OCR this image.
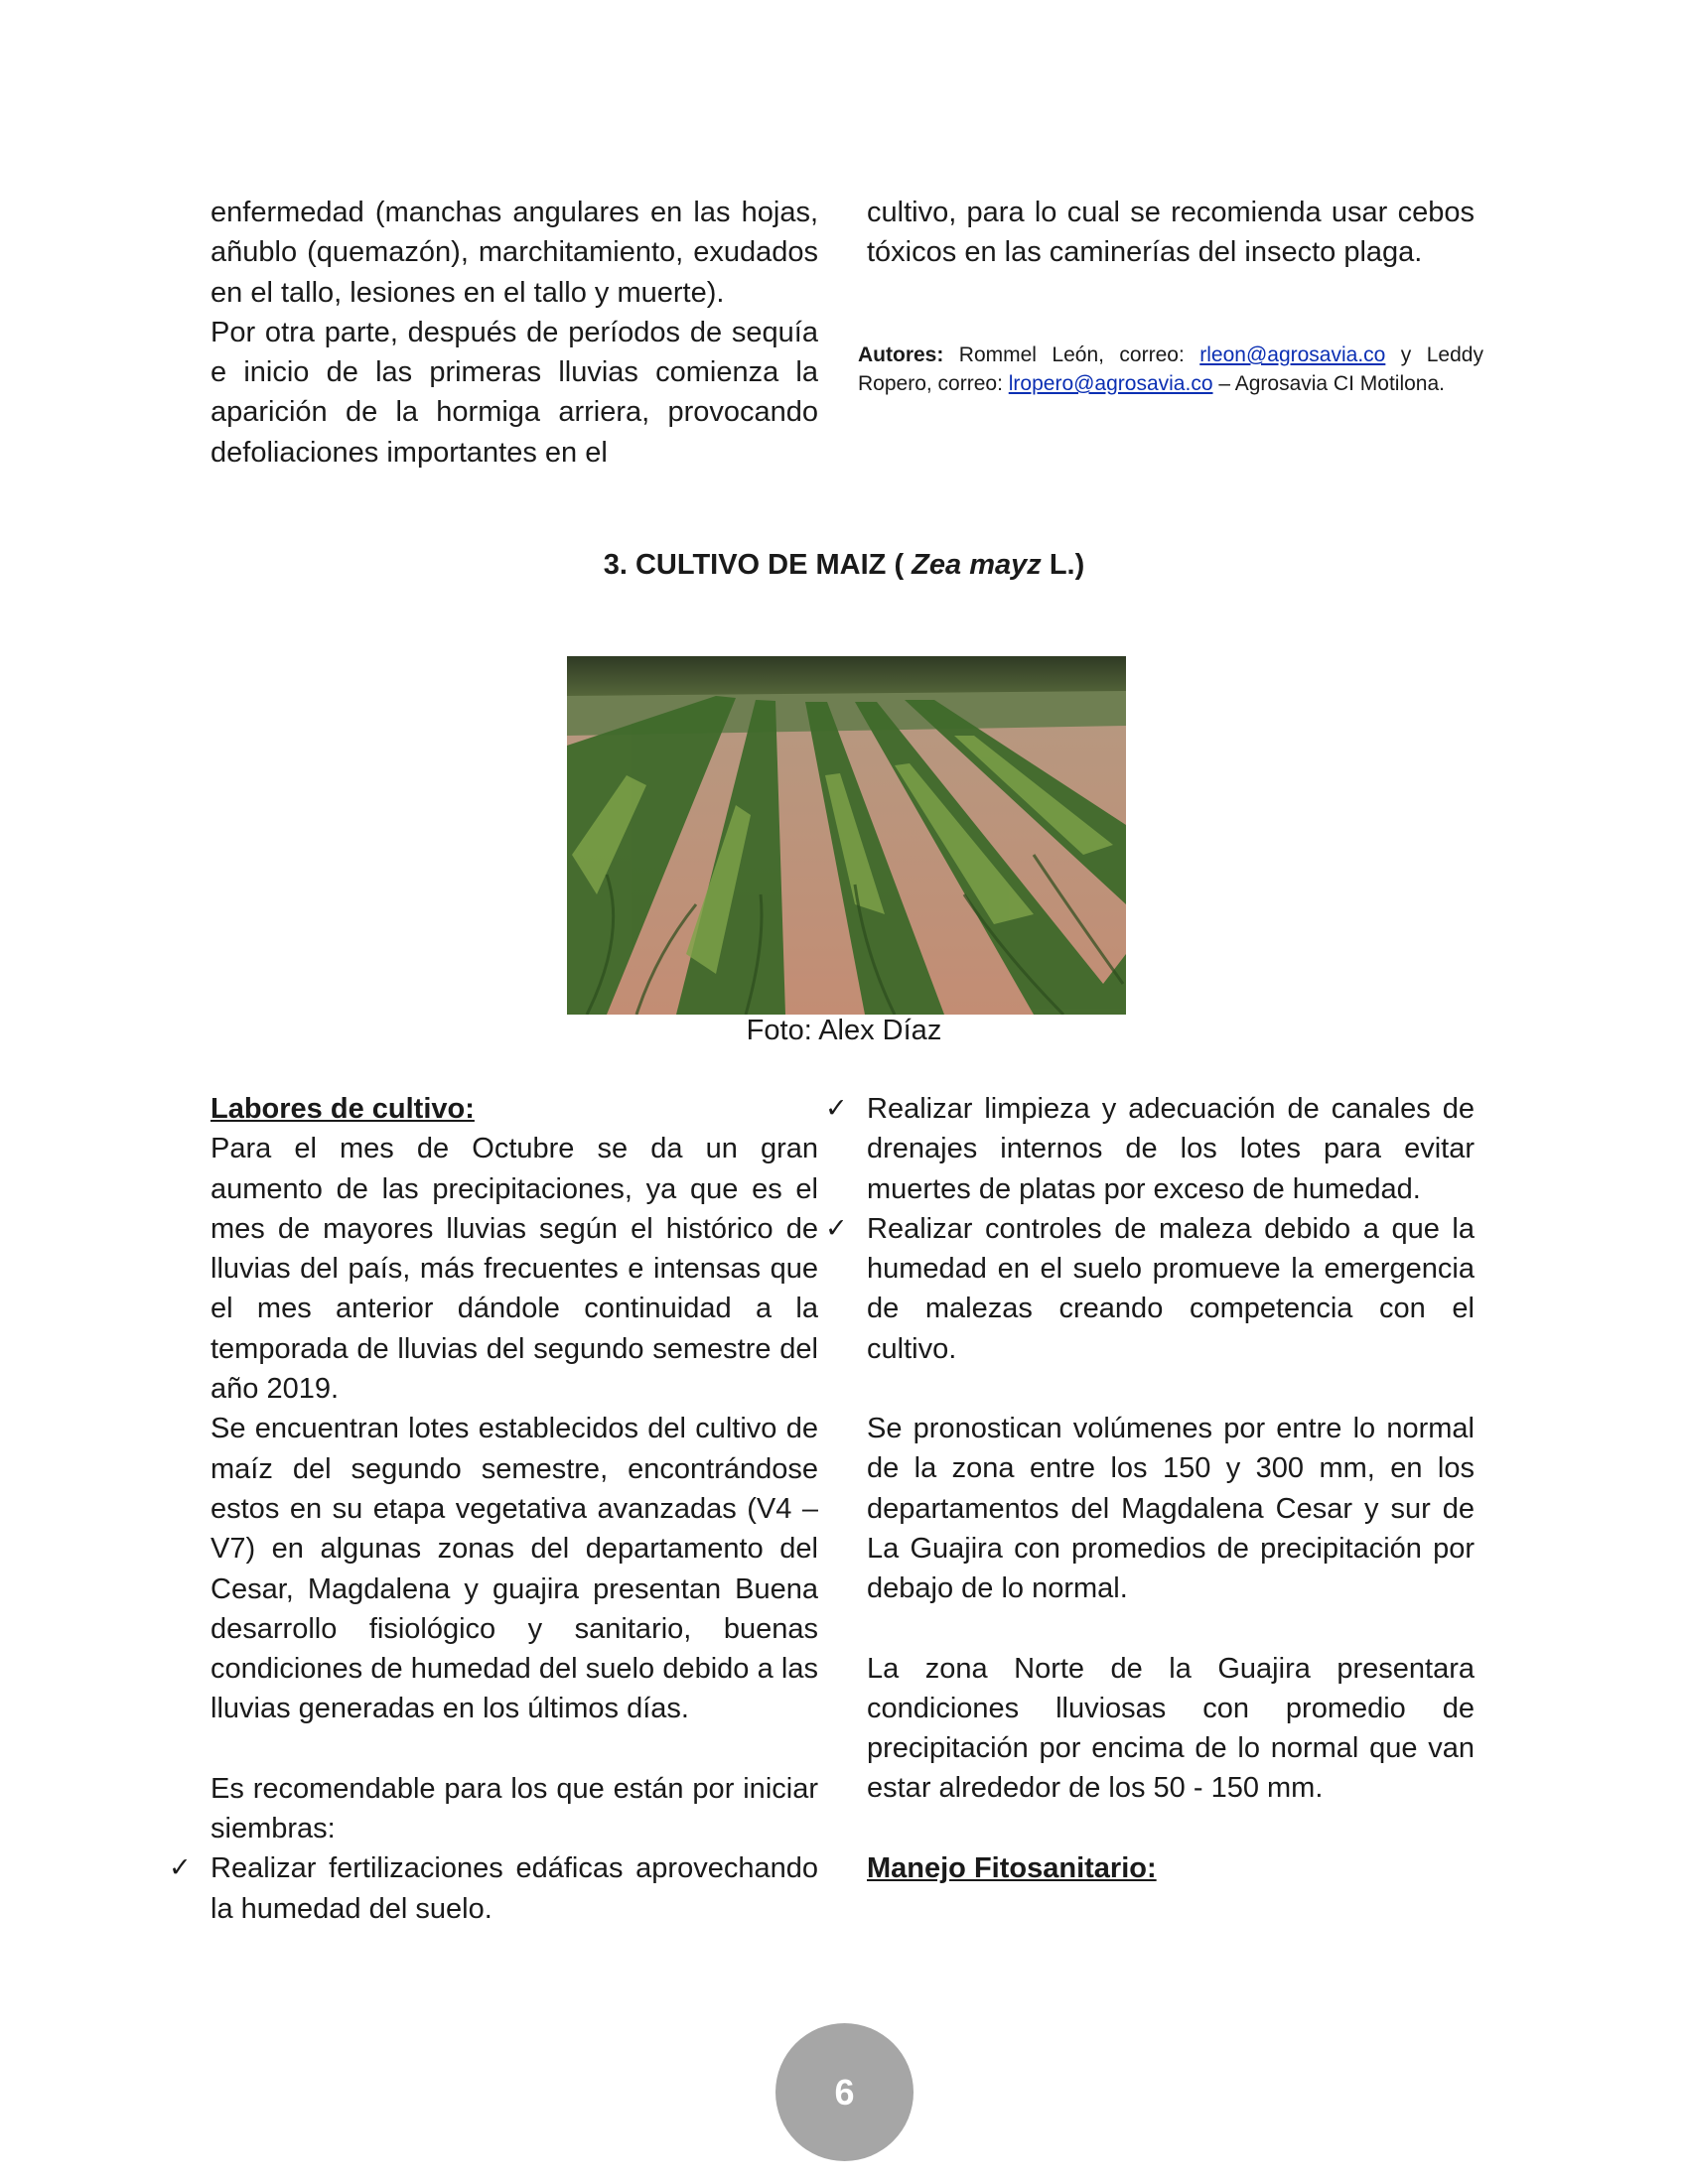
enfermedad (manchas angulares en las hojas, añublo (quemazón), marchitamiento, exudados en el tallo, lesiones en el tallo y muerte).

Por otra parte, después de períodos de sequía e inicio de las primeras lluvias comienza la aparición de la hormiga arriera, provocando defoliaciones importantes en el

cultivo, para lo cual se recomienda usar cebos tóxicos en las caminerías del insecto plaga.

Autores: Rommel León, correo: rleon@agrosavia.co y Leddy Ropero, correo: lropero@agrosavia.co – Agrosavia CI Motilona.
3. CULTIVO DE MAIZ ( Zea mayz L.)
Foto: Alex Díaz

Labores de cultivo:

Para el mes de Octubre se da un gran aumento de las precipitaciones, ya que es el mes de mayores lluvias según el histórico de lluvias del país, más frecuentes e intensas que el mes anterior dándole continuidad a la temporada de lluvias del segundo semestre del año 2019.

Se encuentran lotes establecidos del cultivo de maíz del segundo semestre, encontrándose estos en su etapa vegetativa avanzadas (V4 – V7) en algunas zonas del departamento del Cesar, Magdalena y guajira presentan Buena desarrollo fisiológico y sanitario, buenas condiciones de humedad del suelo debido a las lluvias generadas en los últimos días.

Es recomendable para los que están por iniciar siembras:

✓ Realizar fertilizaciones edáficas aprovechando la humedad del suelo.

✓ Realizar limpieza y adecuación de canales de drenajes internos de los lotes para evitar muertes de platas por exceso de humedad.

✓ Realizar controles de maleza debido a que la humedad en el suelo promueve la emergencia de malezas creando competencia con el cultivo.

Se pronostican volúmenes por entre lo normal de la zona entre los 150 y 300 mm, en los departamentos del Magdalena Cesar y sur de La Guajira con promedios de precipitación por debajo de lo normal.

La zona Norte de la Guajira presentara condiciones lluviosas con promedio de precipitación por encima de lo normal que van estar alrededor de los 50 - 150 mm.

Manejo Fitosanitario:

6
